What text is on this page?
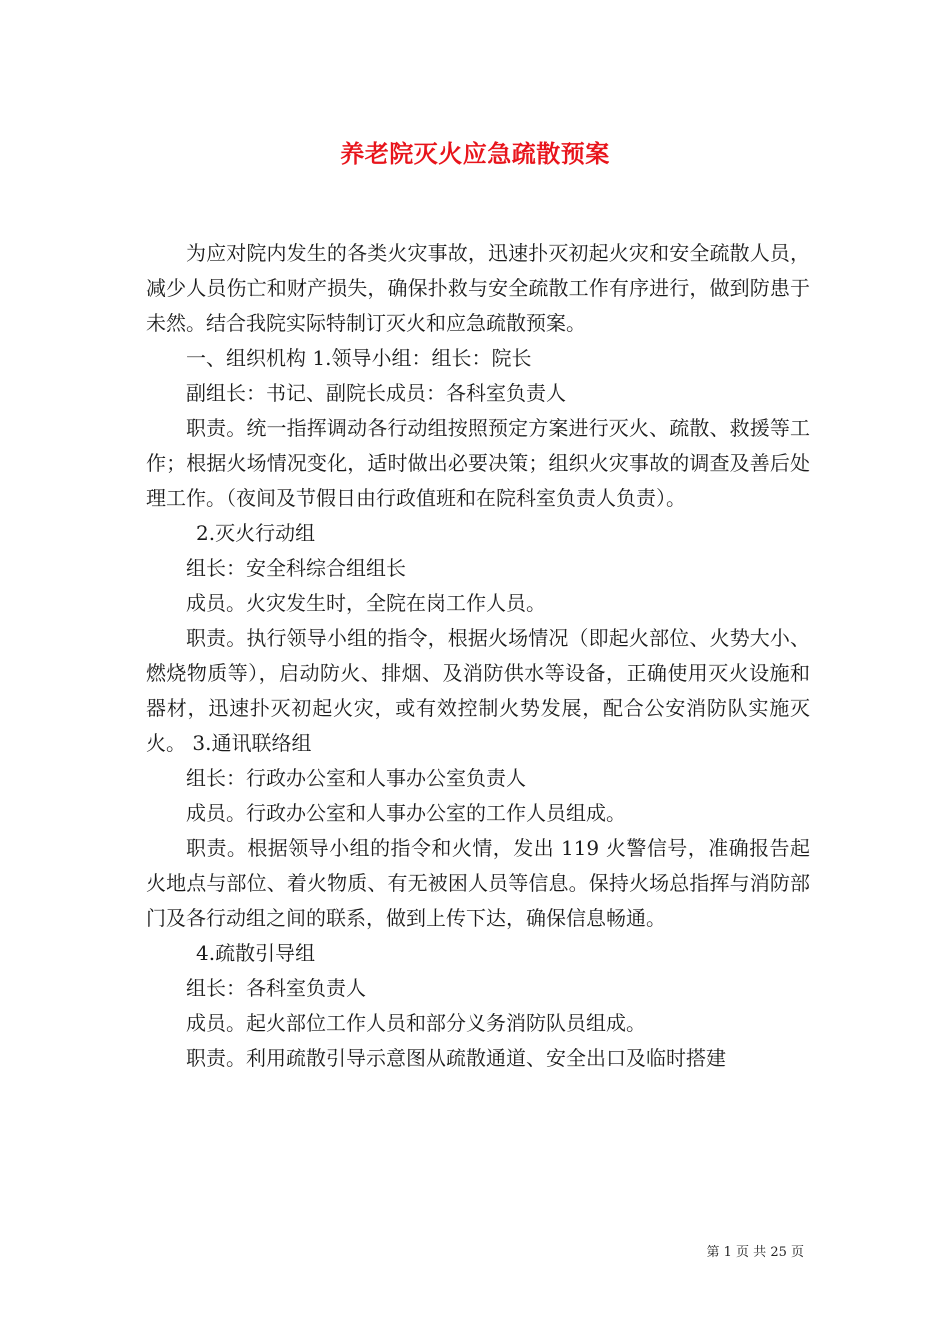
养老院灭火应急疏散预案

为应对院内发生的各类火灾事故，迅速扑灭初起火灾和安全疏散人员，减少人员伤亡和财产损失，确保扑救与安全疏散工作有序进行，做到防患于未然。结合我院实际特制订灭火和应急疏散预案。

一、组织机构 1.领导小组：组长：院长

副组长：书记、副院长成员：各科室负责人

职责。统一指挥调动各行动组按照预定方案进行灭火、疏散、救援等工作；根据火场情况变化，适时做出必要决策；组织火灾事故的调查及善后处理工作。（夜间及节假日由行政值班和在院科室负责人负责）。

2.灭火行动组

组长：安全科综合组组长

成员。火灾发生时，全院在岗工作人员。

职责。执行领导小组的指令，根据火场情况（即起火部位、火势大小、燃烧物质等），启动防火、排烟、及消防供水等设备，正确使用灭火设施和器材，迅速扑灭初起火灾，或有效控制火势发展，配合公安消防队实施灭火。 3.通讯联络组

组长：行政办公室和人事办公室负责人

成员。行政办公室和人事办公室的工作人员组成。

职责。根据领导小组的指令和火情，发出 119 火警信号，准确报告起火地点与部位、着火物质、有无被困人员等信息。保持火场总指挥与消防部门及各行动组之间的联系，做到上传下达，确保信息畅通。

4.疏散引导组

组长：各科室负责人

成员。起火部位工作人员和部分义务消防队员组成。

职责。利用疏散引导示意图从疏散通道、安全出口及临时搭建

第 1 页 共 25 页
